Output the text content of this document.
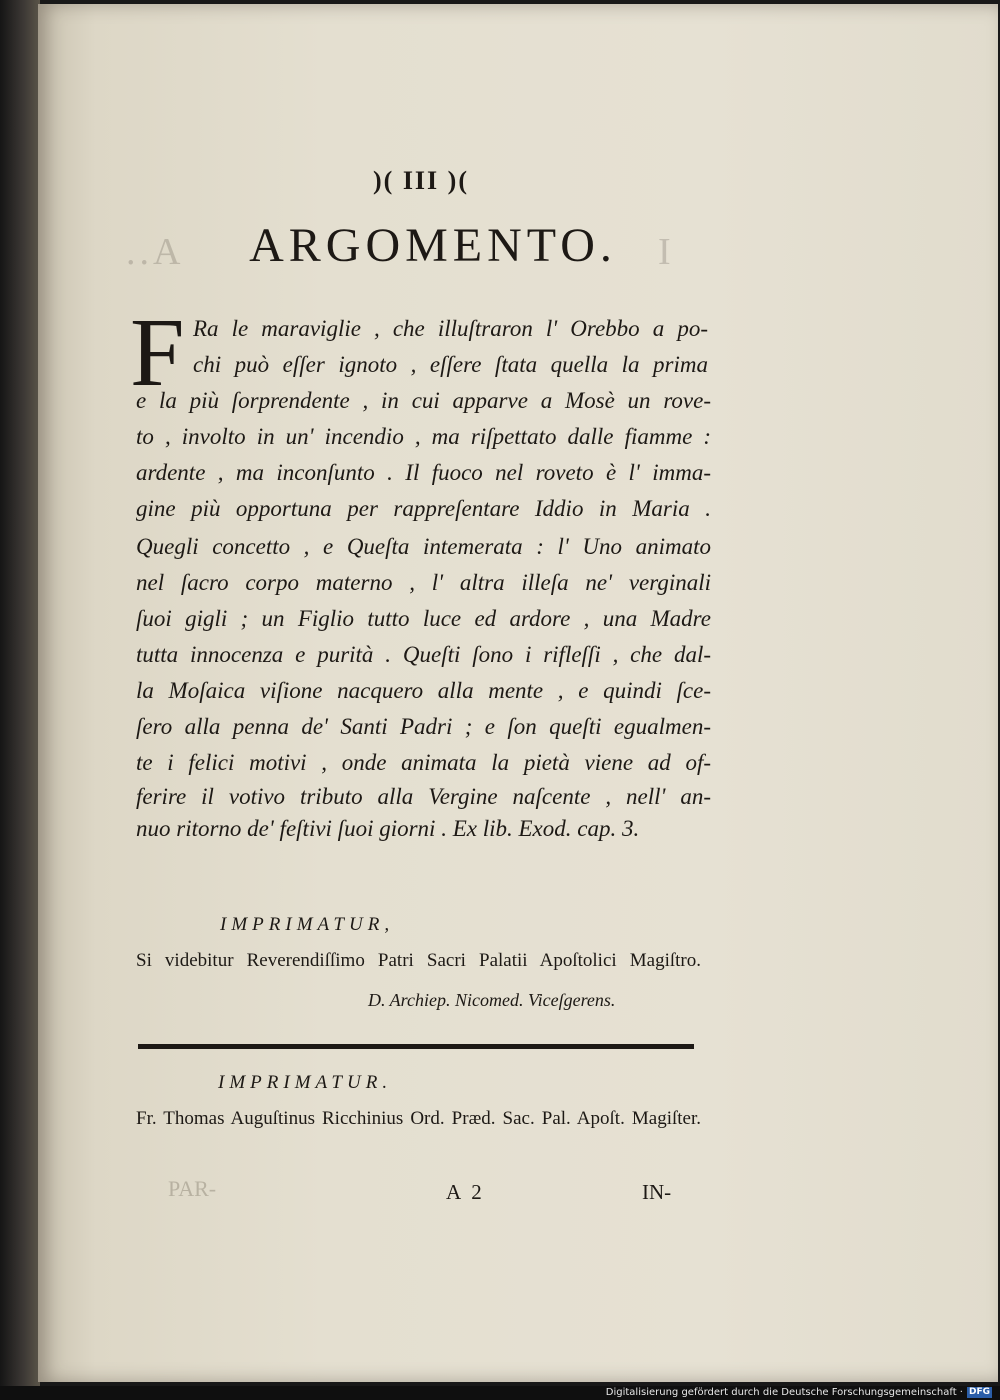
..A	I
)( III )(
ARGOMENTO.
F Ra le maraviglie , che illuſtraron l' Orebbo a po-
chi può eſſer ignoto , eſſere ſtata quella la prima
e la più ſorprendente , in cui apparve a Mosè un rove-
to , involto in un' incendio , ma riſpettato dalle fiamme :
ardente , ma inconſunto . Il fuoco nel roveto è l' imma-
gine più opportuna per rappreſentare Iddio in Maria .
Quegli concetto , e Queſta intemerata : l' Uno animato
nel ſacro corpo materno , l' altra illeſa ne' verginali
ſuoi gigli ; un Figlio tutto luce ed ardore , una Madre
tutta innocenza e purità . Queſti ſono i rifleſſi , che dal-
la Moſaica viſione nacquero alla mente , e quindi ſce-
ſero alla penna de' Santi Padri ; e ſon queſti egualmen-
te i felici motivi , onde animata la pietà viene ad of-
ferire il votivo tributo alla Vergine naſcente , nell' an-
nuo ritorno de' feſtivi ſuoi giorni . Ex lib. Exod. cap. 3.
IMPRIMATUR,
Si videbitur Reverendiſſimo Patri Sacri Palatii Apoſtolici Magiſtro.
D. Archiep. Nicomed. Viceſgerens.
IMPRIMATUR.
Fr. Thomas Auguſtinus Ricchinius Ord. Præd. Sac. Pal. Apoſt. Magiſter.
PAR-	A 2	IN-
Digitalisierung gefördert durch die Deutsche Forschungsgemeinschaft · DFG
